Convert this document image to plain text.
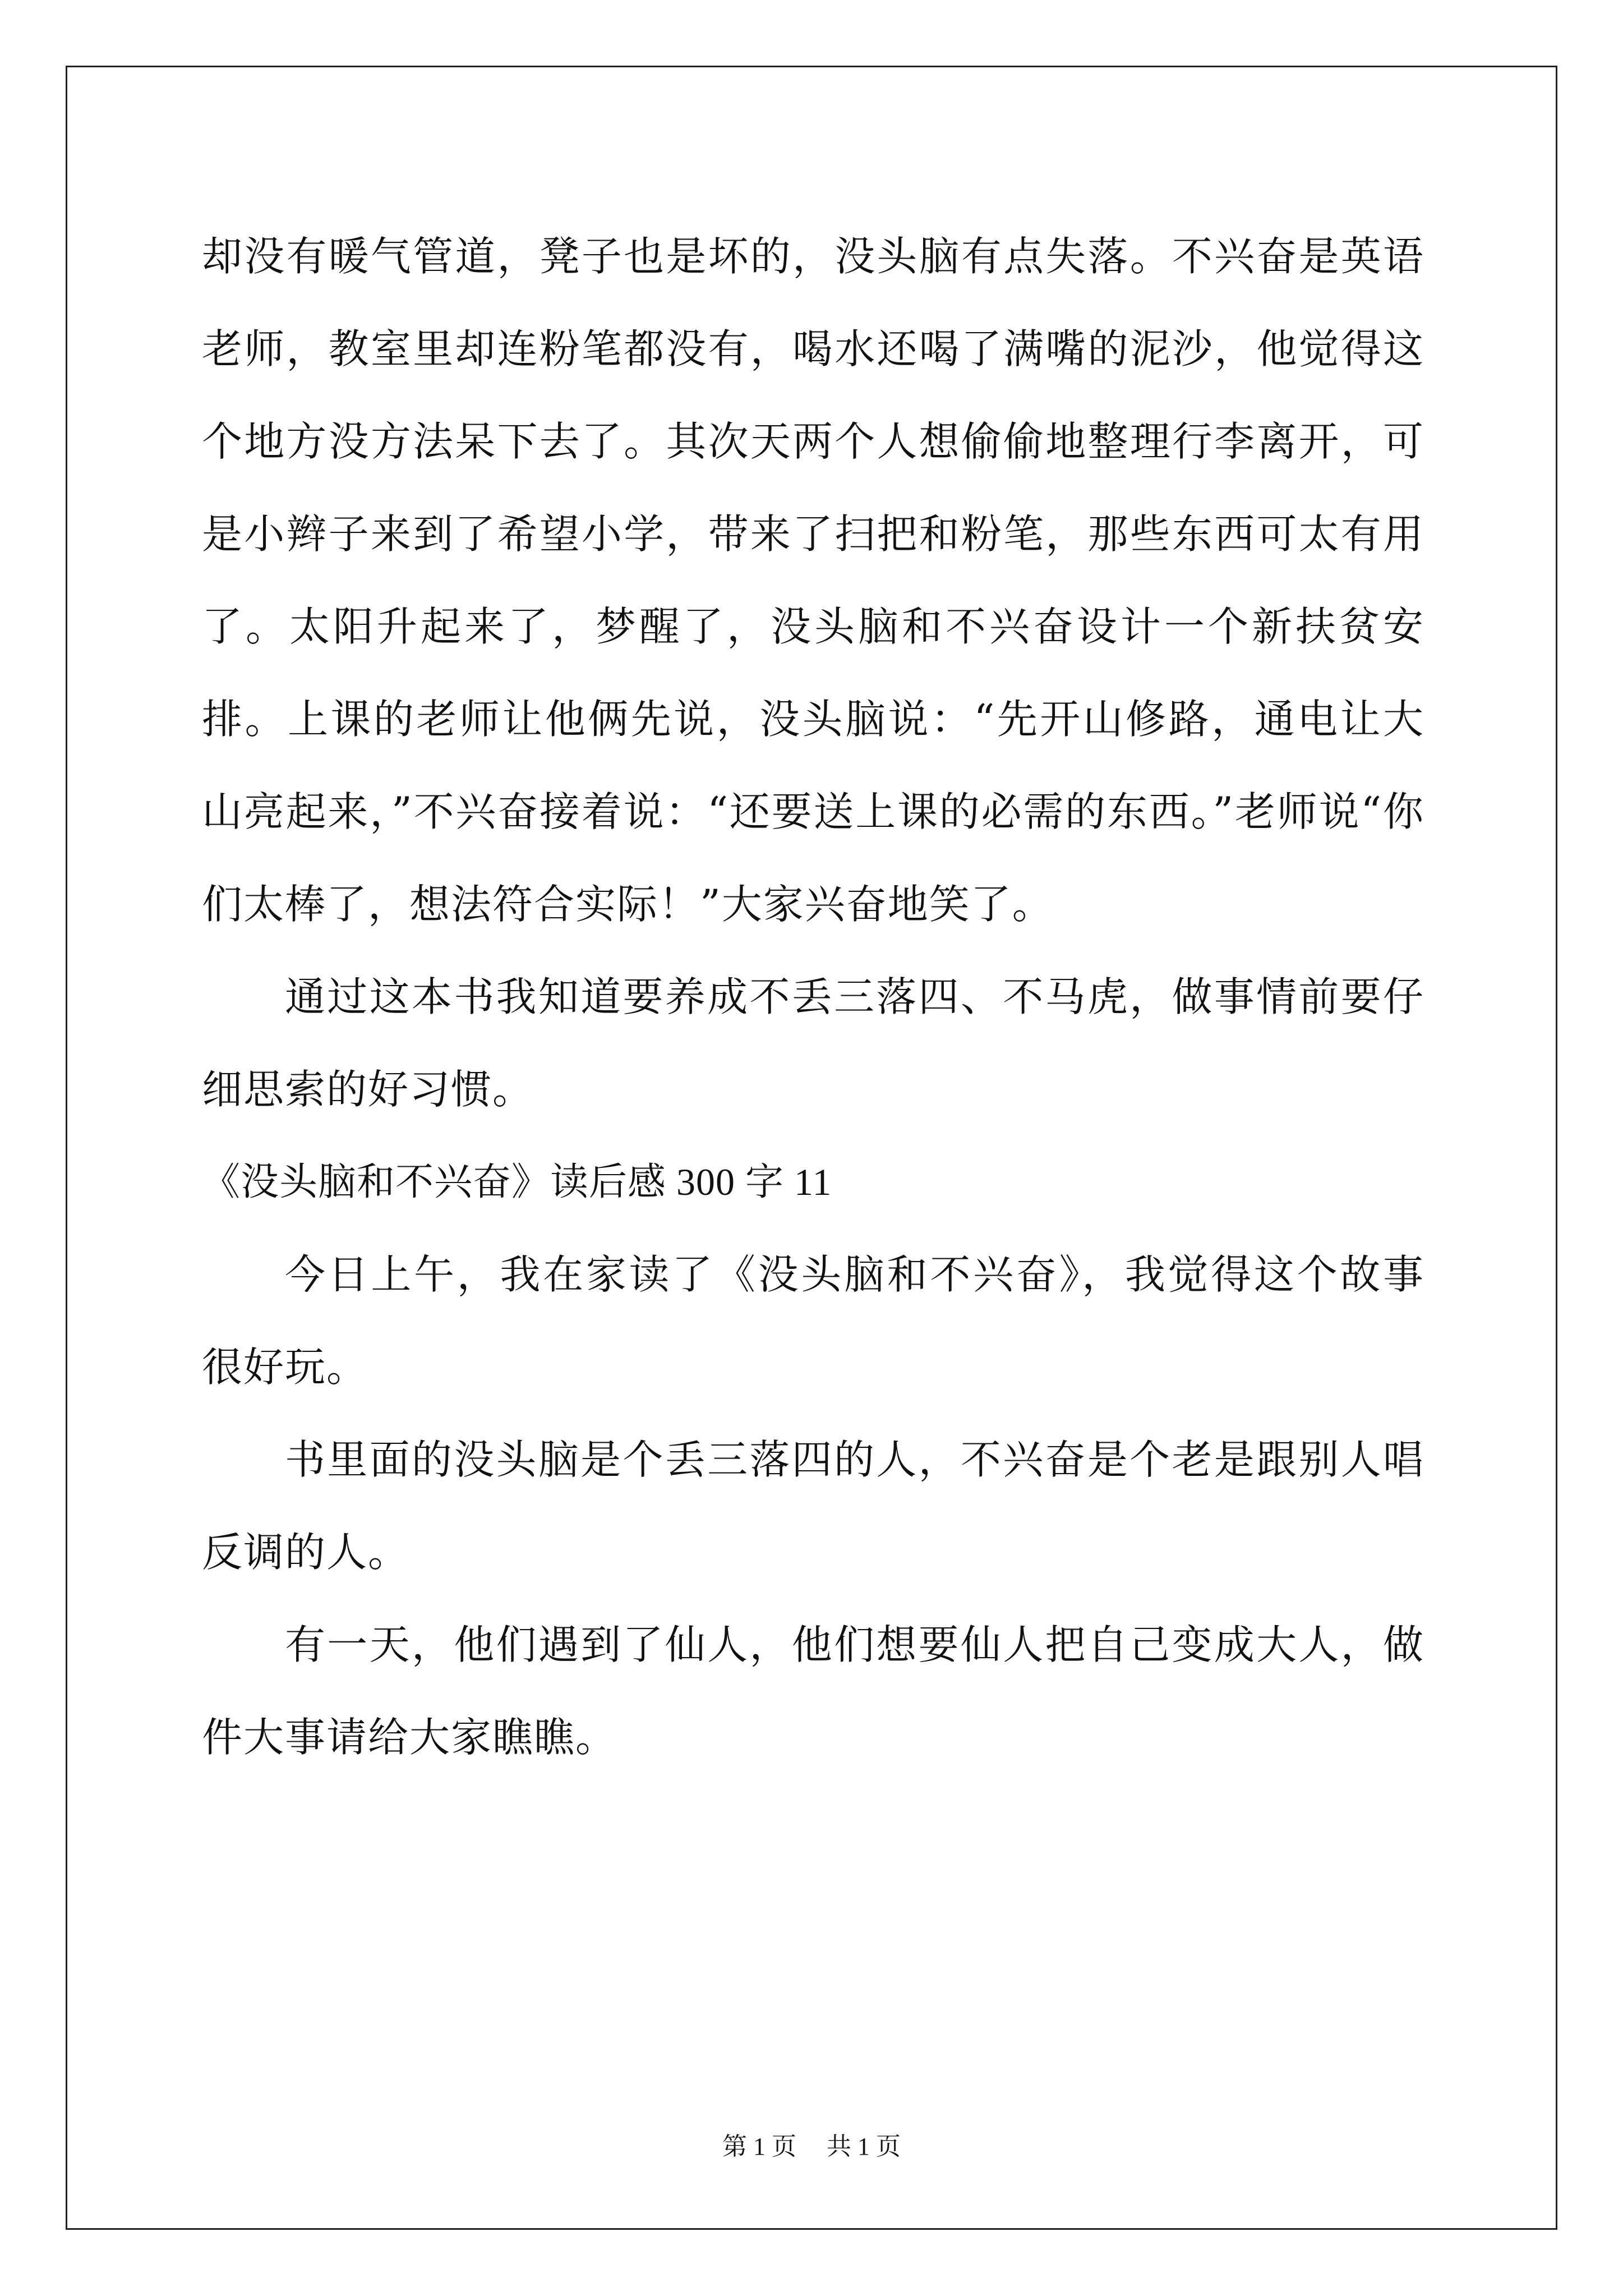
却没有暖气管道，凳子也是坏的，没头脑有点失落。不兴奋是英语老师，教室里却连粉笔都没有，喝水还喝了满嘴的泥沙，他觉得这个地方没方法呆下去了。其次天两个人想偷偷地整理行李离开，可是小辫子来到了希望小学，带来了扫把和粉笔，那些东西可太有用了。太阳升起来了，梦醒了，没头脑和不兴奋设计一个新扶贫安排。上课的老师让他俩先说，没头脑说：“先开山修路，通电让大山亮起来，”不兴奋接着说：“还要送上课的必需的东西。”老师说“你们太棒了，想法符合实际！”大家兴奋地笑了。

通过这本书我知道要养成不丢三落四、不马虎，做事情前要仔细思索的好习惯。

《没头脑和不兴奋》读后感 300 字 11

今日上午，我在家读了《没头脑和不兴奋》，我觉得这个故事很好玩。

书里面的没头脑是个丢三落四的人，不兴奋是个老是跟别人唱反调的人。

有一天，他们遇到了仙人，他们想要仙人把自己变成大人，做件大事请给大家瞧瞧。

第 1 页 共 1 页
